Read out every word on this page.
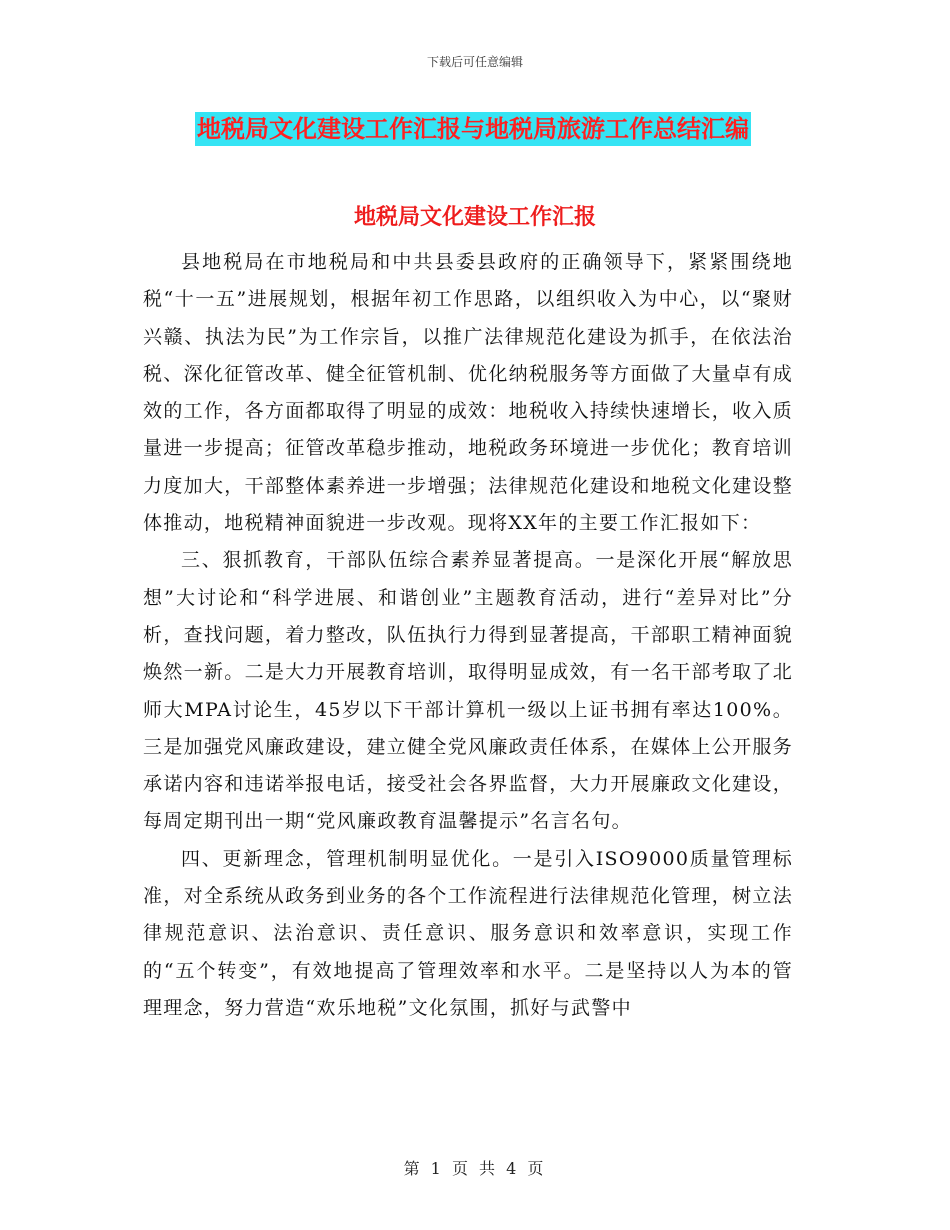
下载后可任意编辑
地税局文化建设工作汇报与地税局旅游工作总结汇编
地税局文化建设工作汇报

县地税局在市地税局和中共县委县政府的正确领导下，紧紧围绕地税“十一五”进展规划，根据年初工作思路，以组织收入为中心，以“聚财兴赣、执法为民”为工作宗旨，以推广法律规范化建设为抓手，在依法治税、深化征管改革、健全征管机制、优化纳税服务等方面做了大量卓有成效的工作，各方面都取得了明显的成效：地税收入持续快速增长，收入质量进一步提高；征管改革稳步推动，地税政务环境进一步优化；教育培训力度加大，干部整体素养进一步增强；法律规范化建设和地税文化建设整体推动，地税精神面貌进一步改观。现将XX年的主要工作汇报如下：

三、狠抓教育，干部队伍综合素养显著提高。一是深化开展“解放思想”大讨论和“科学进展、和谐创业”主题教育活动，进行“差异对比”分析，查找问题，着力整改，队伍执行力得到显著提高，干部职工精神面貌焕然一新。二是大力开展教育培训，取得明显成效，有一名干部考取了北师大MPA讨论生，45岁以下干部计算机一级以上证书拥有率达100%。三是加强党风廉政建设，建立健全党风廉政责任体系，在媒体上公开服务承诺内容和违诺举报电话，接受社会各界监督，大力开展廉政文化建设，每周定期刊出一期“党风廉政教育温馨提示”名言名句。

四、更新理念，管理机制明显优化。一是引入ISO9000质量管理标准，对全系统从政务到业务的各个工作流程进行法律规范化管理，树立法律规范意识、法治意识、责任意识、服务意识和效率意识，实现工作的“五个转变”，有效地提高了管理效率和水平。二是坚持以人为本的管理理念，努力营造“欢乐地税”文化氛围，抓好与武警中

第 1 页 共 4 页
